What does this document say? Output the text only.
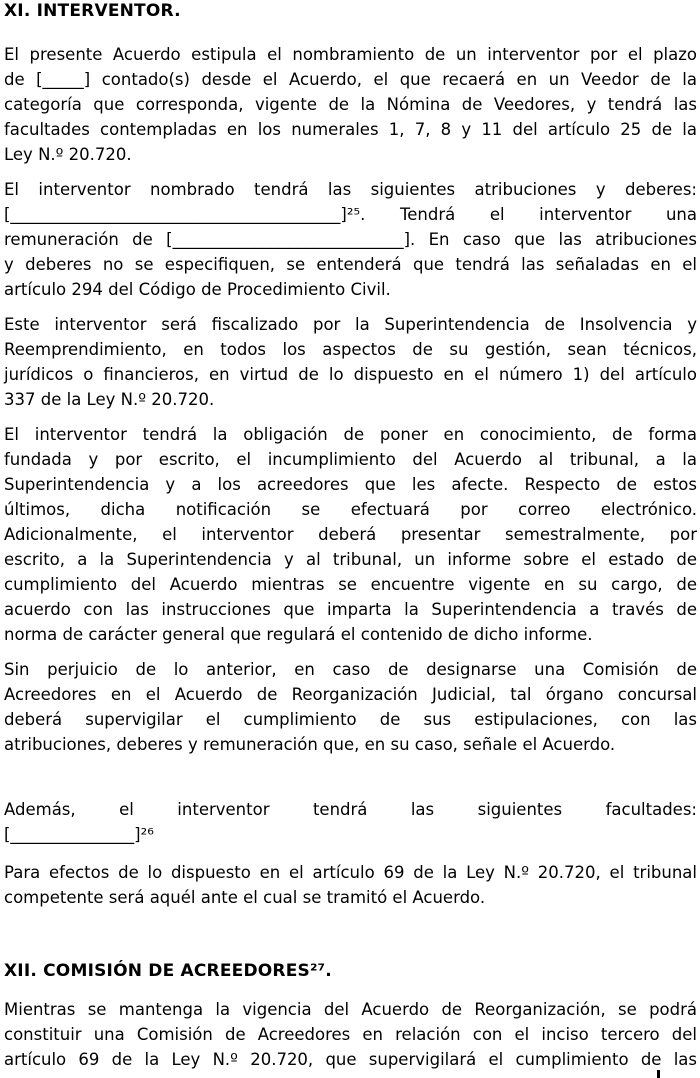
XI. INTERVENTOR.
El presente Acuerdo estipula el nombramiento de un interventor por el plazo
de [_____] contado(s) desde el Acuerdo, el que recaerá en un Veedor de la
categoría que corresponda, vigente de la Nómina de Veedores, y tendrá las
facultades contempladas en los numerales 1, 7, 8 y 11 del artículo 25 de la
Ley N.º 20.720.
El interventor nombrado tendrá las siguientes atribuciones y deberes:
[________________________________________]²⁵. Tendrá el interventor una
remuneración de [____________________________]. En caso que las atribuciones
y deberes no se especifiquen, se entenderá que tendrá las señaladas en el
artículo 294 del Código de Procedimiento Civil.
Este interventor será fiscalizado por la Superintendencia de Insolvencia y
Reemprendimiento, en todos los aspectos de su gestión, sean técnicos,
jurídicos o financieros, en virtud de lo dispuesto en el número 1) del artículo
337 de la Ley N.º 20.720.
El interventor tendrá la obligación de poner en conocimiento, de forma
fundada y por escrito, el incumplimiento del Acuerdo al tribunal, a la
Superintendencia y a los acreedores que les afecte. Respecto de estos
últimos, dicha notificación se efectuará por correo electrónico.
Adicionalmente, el interventor deberá presentar semestralmente, por
escrito, a la Superintendencia y al tribunal, un informe sobre el estado de
cumplimiento del Acuerdo mientras se encuentre vigente en su cargo, de
acuerdo con las instrucciones que imparta la Superintendencia a través de
norma de carácter general que regulará el contenido de dicho informe.
Sin perjuicio de lo anterior, en caso de designarse una Comisión de
Acreedores en el Acuerdo de Reorganización Judicial, tal órgano concursal
deberá supervigilar el cumplimiento de sus estipulaciones, con las
atribuciones, deberes y remuneración que, en su caso, señale el Acuerdo.
Además, el interventor tendrá las siguientes facultades:
[_______________]²⁶
Para efectos de lo dispuesto en el artículo 69 de la Ley N.º 20.720, el tribunal
competente será aquél ante el cual se tramitó el Acuerdo.
XII. COMISIÓN DE ACREEDORES²⁷.
Mientras se mantenga la vigencia del Acuerdo de Reorganización, se podrá
constituir una Comisión de Acreedores en relación con el inciso tercero del
artículo 69 de la Ley N.º 20.720, que supervigilará el cumplimiento de las
